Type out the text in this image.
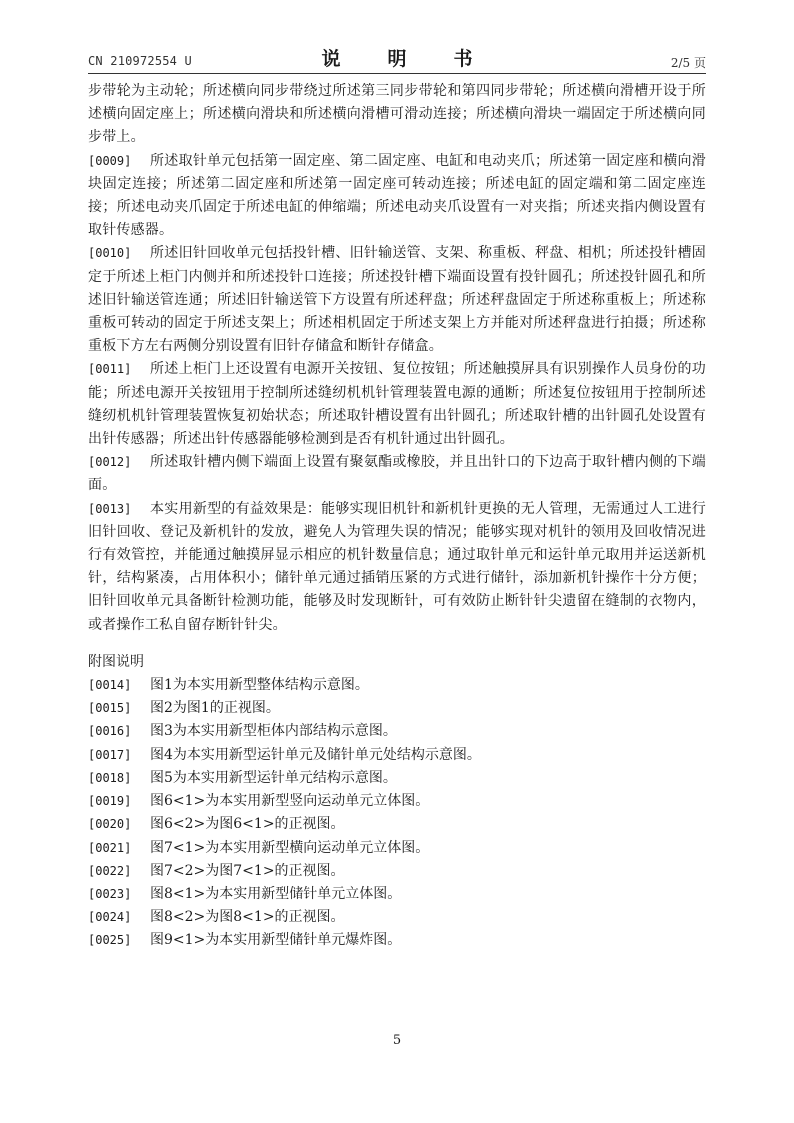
CN 210972554 U	说　明　书	2/5 页

步带轮为主动轮；所述横向同步带绕过所述第三同步带轮和第四同步带轮；所述横向滑槽开设于所述横向固定座上；所述横向滑块和所述横向滑槽可滑动连接；所述横向滑块一端固定于所述横向同步带上。

[0009] 所述取针单元包括第一固定座、第二固定座、电缸和电动夹爪；所述第一固定座和横向滑块固定连接；所述第二固定座和所述第一固定座可转动连接；所述电缸的固定端和第二固定座连接；所述电动夹爪固定于所述电缸的伸缩端；所述电动夹爪设置有一对夹指；所述夹指内侧设置有取针传感器。

[0010] 所述旧针回收单元包括投针槽、旧针输送管、支架、称重板、秤盘、相机；所述投针槽固定于所述上柜门内侧并和所述投针口连接；所述投针槽下端面设置有投针圆孔；所述投针圆孔和所述旧针输送管连通；所述旧针输送管下方设置有所述秤盘；所述秤盘固定于所述称重板上；所述称重板可转动的固定于所述支架上；所述相机固定于所述支架上方并能对所述秤盘进行拍摄；所述称重板下方左右两侧分别设置有旧针存储盒和断针存储盒。

[0011] 所述上柜门上还设置有电源开关按钮、复位按钮；所述触摸屏具有识别操作人员身份的功能；所述电源开关按钮用于控制所述缝纫机机针管理装置电源的通断；所述复位按钮用于控制所述缝纫机机针管理装置恢复初始状态；所述取针槽设置有出针圆孔；所述取针槽的出针圆孔处设置有出针传感器；所述出针传感器能够检测到是否有机针通过出针圆孔。

[0012] 所述取针槽内侧下端面上设置有聚氨酯或橡胶，并且出针口的下边高于取针槽内侧的下端面。

[0013] 本实用新型的有益效果是：能够实现旧机针和新机针更换的无人管理，无需通过人工进行旧针回收、登记及新机针的发放，避免人为管理失误的情况；能够实现对机针的领用及回收情况进行有效管控，并能通过触摸屏显示相应的机针数量信息；通过取针单元和运针单元取用并运送新机针，结构紧凑，占用体积小；储针单元通过插销压紧的方式进行储针，添加新机针操作十分方便；旧针回收单元具备断针检测功能，能够及时发现断针，可有效防止断针针尖遗留在缝制的衣物内，或者操作工私自留存断针针尖。

附图说明

[0014] 图1为本实用新型整体结构示意图。

[0015] 图2为图1的正视图。

[0016] 图3为本实用新型柜体内部结构示意图。

[0017] 图4为本实用新型运针单元及储针单元处结构示意图。

[0018] 图5为本实用新型运针单元结构示意图。

[0019] 图6<1>为本实用新型竖向运动单元立体图。

[0020] 图6<2>为图6<1>的正视图。

[0021] 图7<1>为本实用新型横向运动单元立体图。

[0022] 图7<2>为图7<1>的正视图。

[0023] 图8<1>为本实用新型储针单元立体图。

[0024] 图8<2>为图8<1>的正视图。

[0025] 图9<1>为本实用新型储针单元爆炸图。

5
